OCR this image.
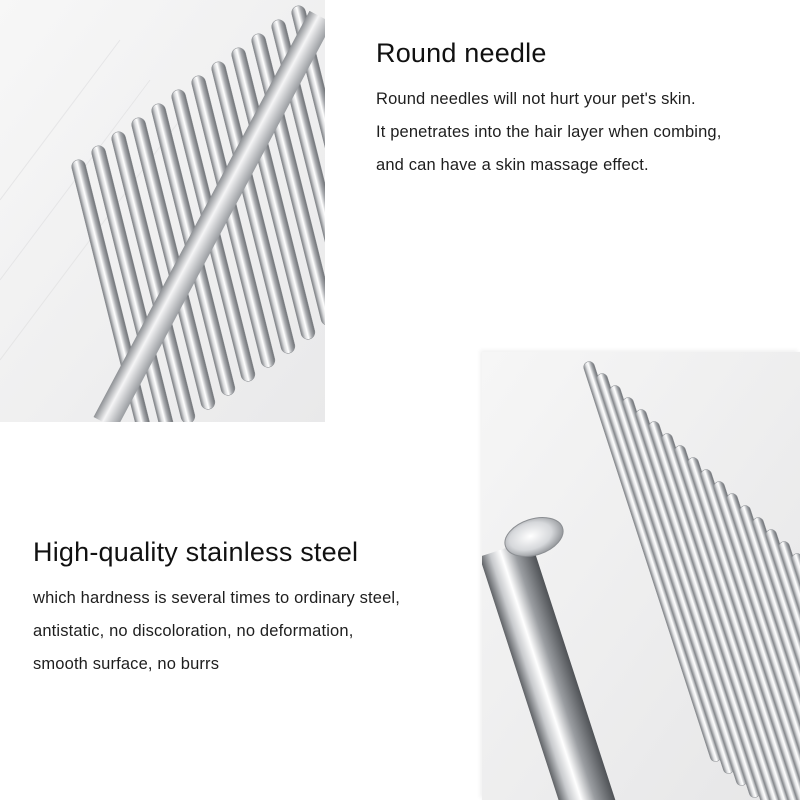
Round needle

Round needles will not hurt your pet's skin.

It penetrates into the hair layer when combing,

and can have a skin massage effect.

High-quality stainless steel

which hardness is several times to ordinary steel,

antistatic, no discoloration, no deformation,

smooth surface, no burrs
